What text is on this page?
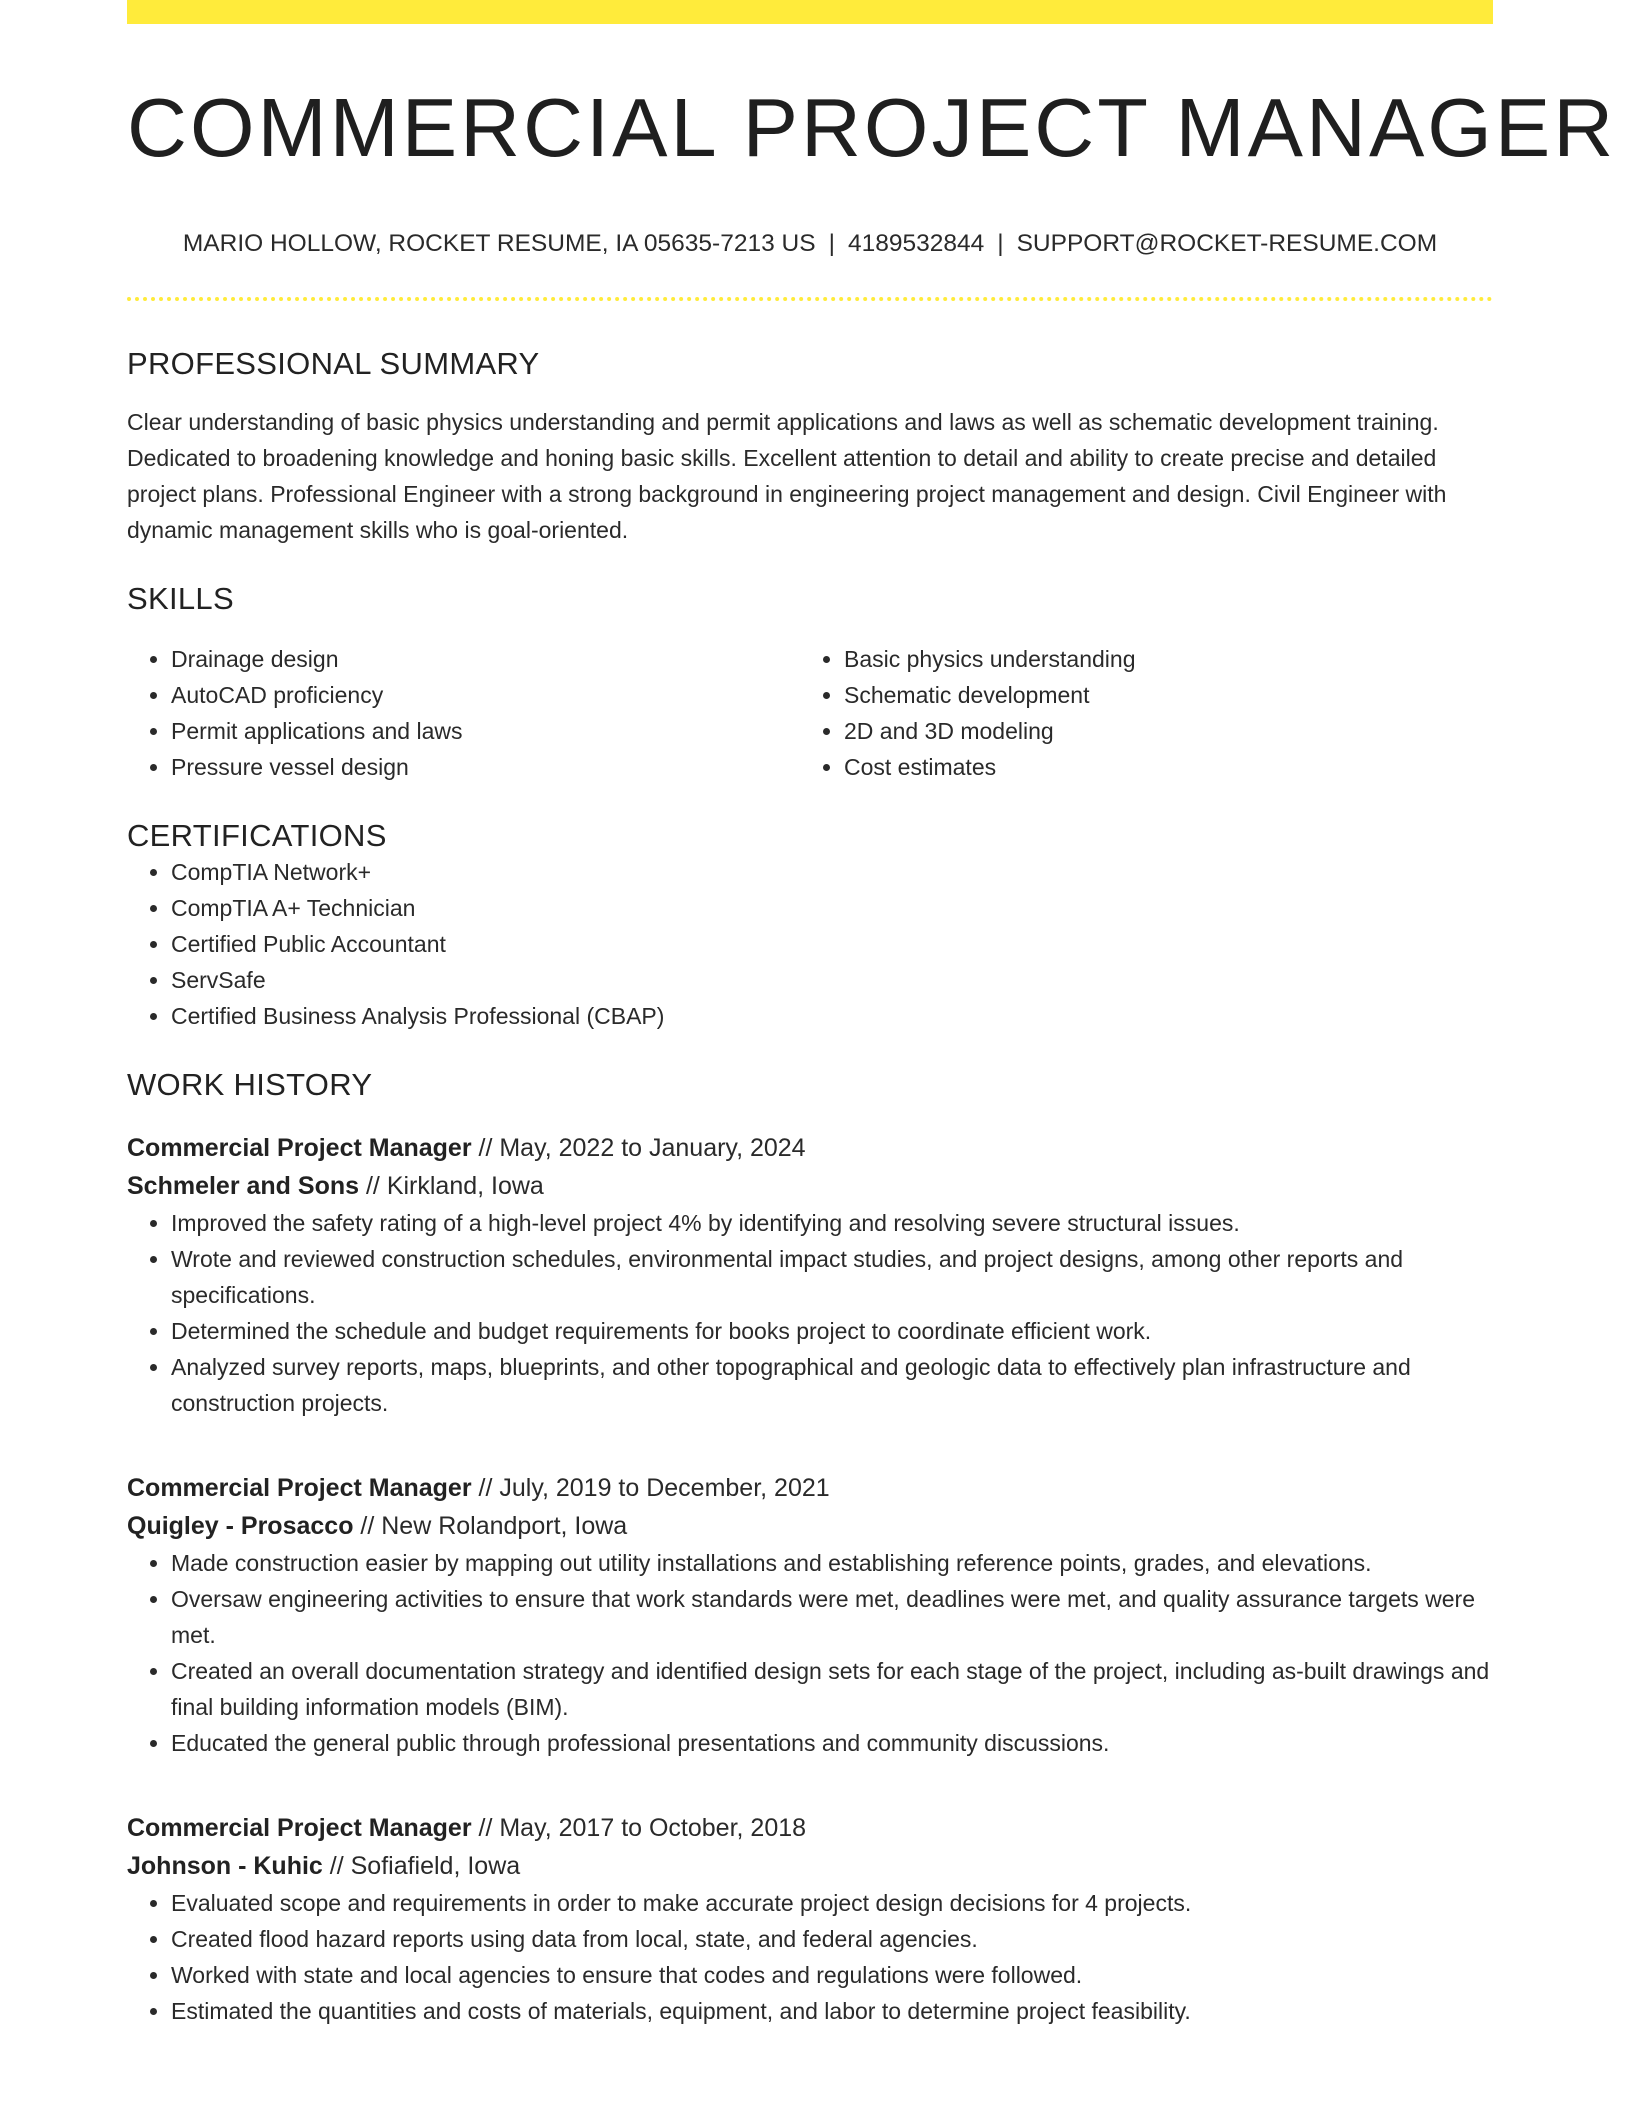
COMMERCIAL PROJECT MANAGER
MARIO HOLLOW, ROCKET RESUME, IA 05635-7213 US | 4189532844 | SUPPORT@ROCKET-RESUME.COM
PROFESSIONAL SUMMARY

Clear understanding of basic physics understanding and permit applications and laws as well as schematic development training. Dedicated to broadening knowledge and honing basic skills. Excellent attention to detail and ability to create precise and detailed project plans. Professional Engineer with a strong background in engineering project management and design. Civil Engineer with dynamic management skills who is goal-oriented.

SKILLS
• Drainage design
• AutoCAD proficiency
• Permit applications and laws
• Pressure vessel design
• Basic physics understanding
• Schematic development
• 2D and 3D modeling
• Cost estimates
CERTIFICATIONS
• CompTIA Network+
• CompTIA A+ Technician
• Certified Public Accountant
• ServSafe
• Certified Business Analysis Professional (CBAP)
WORK HISTORY
Commercial Project Manager // May, 2022 to January, 2024
Schmeler and Sons // Kirkland, Iowa
• Improved the safety rating of a high-level project 4% by identifying and resolving severe structural issues.
• Wrote and reviewed construction schedules, environmental impact studies, and project designs, among other reports and specifications.
• Determined the schedule and budget requirements for books project to coordinate efficient work.
• Analyzed survey reports, maps, blueprints, and other topographical and geologic data to effectively plan infrastructure and construction projects.
Commercial Project Manager // July, 2019 to December, 2021
Quigley - Prosacco // New Rolandport, Iowa
• Made construction easier by mapping out utility installations and establishing reference points, grades, and elevations.
• Oversaw engineering activities to ensure that work standards were met, deadlines were met, and quality assurance targets were met.
• Created an overall documentation strategy and identified design sets for each stage of the project, including as-built drawings and final building information models (BIM).
• Educated the general public through professional presentations and community discussions.
Commercial Project Manager // May, 2017 to October, 2018
Johnson - Kuhic // Sofiafield, Iowa
• Evaluated scope and requirements in order to make accurate project design decisions for 4 projects.
• Created flood hazard reports using data from local, state, and federal agencies.
• Worked with state and local agencies to ensure that codes and regulations were followed.
• Estimated the quantities and costs of materials, equipment, and labor to determine project feasibility.
